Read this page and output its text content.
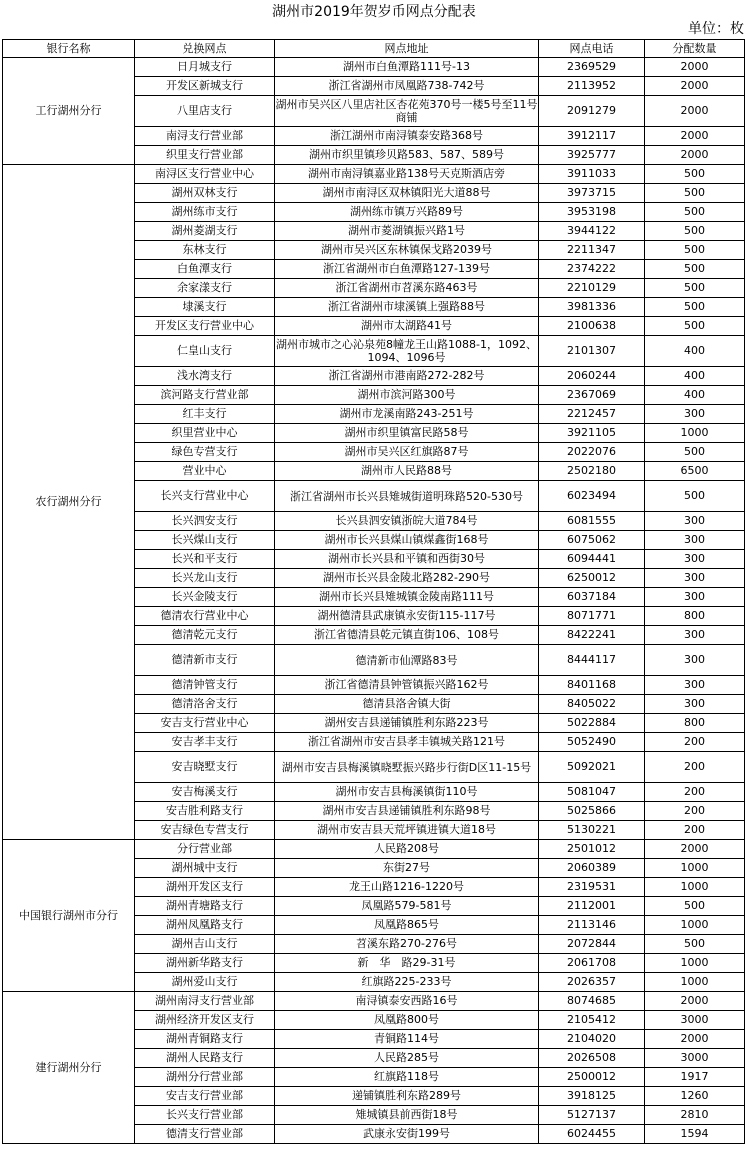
湖州市2019年贺岁币网点分配表
单位：枚
银行名称	兑换网点	网点地址	网点电话	分配数量
工行湖州分行	日月城支行	湖州市白鱼潭路111号-13	2369529	2000
	开发区新城支行	浙江省湖州市凤凰路738-742号	2113952	2000
	八里店支行	湖州市吴兴区八里店社区杏花苑370号一楼5号至11号商铺	2091279	2000
	南浔支行营业部	浙江湖州市南浔镇泰安路368号	3912117	2000
	织里支行营业部	湖州市织里镇珍贝路583、587、589号	3925777	2000
农行湖州分行	南浔区支行营业中心	湖州市南浔镇嘉业路138号天克斯酒店旁	3911033	500
	湖州双林支行	湖州市南浔区双林镇阳光大道88号	3973715	500
	湖州练市支行	湖州练市镇万兴路89号	3953198	500
	湖州菱湖支行	湖州市菱湖镇振兴路1号	3944122	500
	东林支行	湖州市吴兴区东林镇保戈路2039号	2211347	500
	白鱼潭支行	浙江省湖州市白鱼潭路127-139号	2374222	500
	余家漾支行	浙江省湖州市苕溪东路463号	2210129	500
	埭溪支行	浙江省湖州市埭溪镇上强路88号	3981336	500
	开发区支行营业中心	湖州市太湖路41号	2100638	500
	仁皇山支行	湖州市城市之心沁泉苑8幢龙王山路1088-1，1092、1094、1096号	2101307	400
	浅水湾支行	浙江省湖州市港南路272-282号	2060244	400
	滨河路支行营业部	湖州市滨河路300号	2367069	400
	红丰支行	湖州市龙溪南路243-251号	2212457	300
	织里营业中心	湖州市织里镇富民路58号	3921105	1000
	绿色专营支行	湖州市吴兴区红旗路87号	2022076	500
	营业中心	湖州市人民路88号	2502180	6500
	长兴支行营业中心	浙江省湖州市长兴县雉城街道明珠路520-530号	6023494	500
	长兴泗安支行	长兴县泗安镇浙皖大道784号	6081555	300
	长兴煤山支行	湖州市长兴县煤山镇煤鑫街168号	6075062	300
	长兴和平支行	湖州市长兴县和平镇和西街30号	6094441	300
	长兴龙山支行	湖州市长兴县金陵北路282-290号	6250012	300
	长兴金陵支行	湖州市长兴县雉城镇金陵南路111号	6037184	300
	德清农行营业中心	湖州德清县武康镇永安街115-117号	8071771	800
	德清乾元支行	浙江省德清县乾元镇直街106、108号	8422241	300
	德清新市支行	德清新市仙潭路83号	8444117	300
	德清钟管支行	浙江省德清县钟管镇振兴路162号	8401168	300
	德清洛舍支行	德清县洛舍镇大街	8405022	300
	安吉支行营业中心	湖州安吉县递铺镇胜利东路223号	5022884	800
	安吉孝丰支行	浙江省湖州市安吉县孝丰镇城关路121号	5052490	200
	安吉晓墅支行	湖州市安吉县梅溪镇晓墅振兴路步行街D区11-15号	5092021	200
	安吉梅溪支行	湖州市安吉县梅溪镇街110号	5081047	200
	安吉胜利路支行	湖州市安吉县递铺镇胜利东路98号	5025866	200
	安吉绿色专营支行	湖州市安吉县天荒坪镇进镇大道18号	5130221	200
中国银行湖州市分行	分行营业部	人民路208号	2501012	2000
	湖州城中支行	东街27号	2060389	1000
	湖州开发区支行	龙王山路1216-1220号	2319531	1000
	湖州青塘路支行	凤凰路579-581号	2112001	500
	湖州凤凰路支行	凤凰路865号	2113146	1000
	湖州吉山支行	苕溪东路270-276号	2072844	500
	湖州新华路支行	新　华　路29-31号	2061708	1000
	湖州爱山支行	红旗路225-233号	2026357	1000
建行湖州分行	湖州南浔支行营业部	南浔镇泰安西路16号	8074685	2000
	湖州经济开发区支行	凤凰路800号	2105412	3000
	湖州青铜路支行	青铜路114号	2104020	2000
	湖州人民路支行	人民路285号	2026508	3000
	湖州分行营业部	红旗路118号	2500012	1917
	安吉支行营业部	递铺镇胜利东路289号	3918125	1260
	长兴支行营业部	雉城镇县前西街18号	5127137	2810
	德清支行营业部	武康永安街199号	6024455	1594
